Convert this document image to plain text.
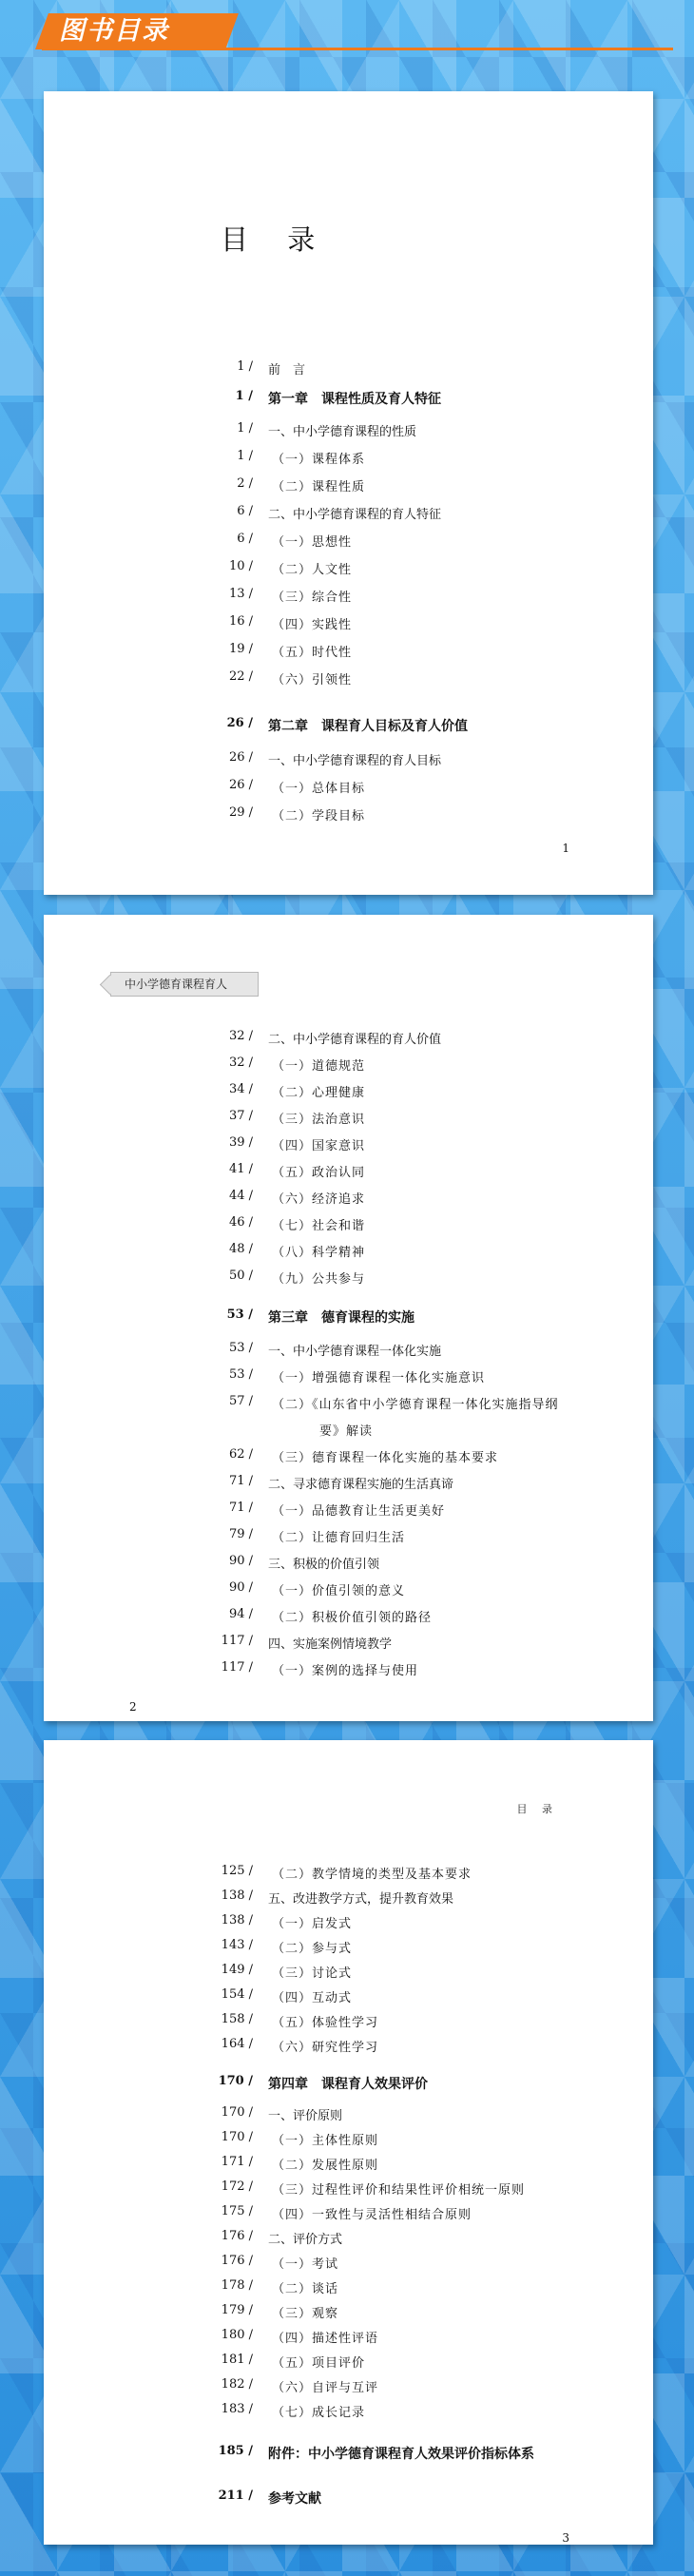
图书目录
目 录
1 / 前　言
1 / 第一章　课程性质及育人特征
1 / 一、中小学德育课程的性质
1 / （一）课程体系
2 / （二）课程性质
6 / 二、中小学德育课程的育人特征
6 / （一）思想性
10 / （二）人文性
13 / （三）综合性
16 / （四）实践性
19 / （五）时代性
22 / （六）引领性
26 / 第二章　课程育人目标及育人价值
26 / 一、中小学德育课程的育人目标
26 / （一）总体目标
29 / （二）学段目标
1
中小学德育课程育人
32 / 二、中小学德育课程的育人价值
32 / （一）道德规范
34 / （二）心理健康
37 / （三）法治意识
39 / （四）国家意识
41 / （五）政治认同
44 / （六）经济追求
46 / （七）社会和谐
48 / （八）科学精神
50 / （九）公共参与
53 / 第三章　德育课程的实施
53 / 一、中小学德育课程一体化实施
53 / （一）增强德育课程一体化实施意识
57 / （二）《山东省中小学德育课程一体化实施指导纲
要》解读
62 / （三）德育课程一体化实施的基本要求
71 / 二、寻求德育课程实施的生活真谛
71 / （一）品德教育让生活更美好
79 / （二）让德育回归生活
90 / 三、积极的价值引领
90 / （一）价值引领的意义
94 / （二）积极价值引领的路径
117 / 四、实施案例情境教学
117 / （一）案例的选择与使用
2
目 录
125 / （二）教学情境的类型及基本要求
138 / 五、改进教学方式，提升教育效果
138 / （一）启发式
143 / （二）参与式
149 / （三）讨论式
154 / （四）互动式
158 / （五）体验性学习
164 / （六）研究性学习
170 / 第四章　课程育人效果评价
170 / 一、评价原则
170 / （一）主体性原则
171 / （二）发展性原则
172 / （三）过程性评价和结果性评价相统一原则
175 / （四）一致性与灵活性相结合原则
176 / 二、评价方式
176 / （一）考试
178 / （二）谈话
179 / （三）观察
180 / （四）描述性评语
181 / （五）项目评价
182 / （六）自评与互评
183 / （七）成长记录
185 / 附件：中小学德育课程育人效果评价指标体系
211 / 参考文献
3
